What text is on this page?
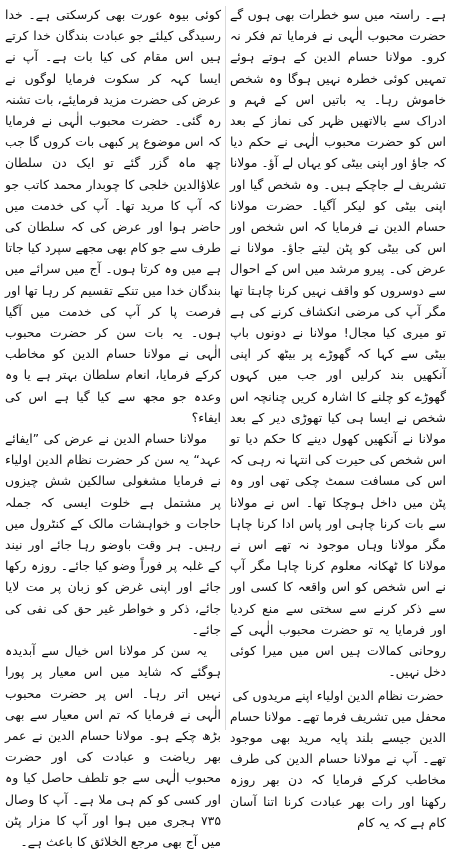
ہے۔ راستہ میں سو خطرات بھی ہوں گے حضرت محبوب الٰہی نے فرمایا تم فکر نہ کرو۔ مولانا حسام الدین کے ہوتے ہوئے تمہیں کوئی خطرہ نہیں ہوگا وہ شخص خاموش رہا۔ یہ باتیں اس کے فہم و ادراک سے بالاتھیں ظہر کی نماز کے بعد اس کو حضرت محبوب الٰہی نے حکم دیا کہ جاؤ اور اپنی بیٹی کو یہاں لے آؤ۔ مولانا تشریف لے جاچکے ہیں۔ وہ شخص گیا اور اپنی بیٹی کو لیکر آگیا۔ حضرت مولانا حسام الدین نے فرمایا کہ اس شخص اور اس کی بیٹی کو پٹن لیتے جاؤ۔ مولانا نے عرض کی۔ پیرو مرشد میں اس کے احوال سے دوسروں کو واقف نہیں کرنا چاہتا تھا مگر آپ کی مرضی انکشاف کرنے کی ہے تو میری کیا مجال! مولانا نے دونوں باپ بیٹی سے کہا کہ گھوڑے پر بیٹھ کر اپنی آنکھیں بند کرلیں اور جب میں کہوں گھوڑے کو چلنے کا اشارہ کریں چنانچہ اس شخص نے ایسا ہی کیا تھوڑی دیر کے بعد مولانا نے آنکھیں کھول دینے کا حکم دیا تو اس شخص کی حیرت کی انتہا نہ رہی کہ اس کی مسافت سمٹ چکی تھی اور وہ پٹن میں داخل ہوچکا تھا۔ اس نے مولانا سے بات کرنا چاہی اور پاس ادا کرنا چاہا مگر مولانا وہاں موجود نہ تھے اس نے مولانا کا ٹھکانہ معلوم کرنا چاہا مگر آپ نے اس شخص کو اس واقعہ کا کسی اور سے ذکر کرنے سے سختی سے منع کردیا اور فرمایا یہ تو حضرت محبوب الٰہی کے روحانی کمالات ہیں اس میں میرا کوئی دخل نہیں۔

حضرت نظام الدین اولیاء اپنے مریدوں کی

محفل میں تشریف فرما تھے۔ مولانا حسام الدین جیسے بلند پایہ مرید بھی موجود تھے۔ آپ نے مولانا حسام الدین کی طرف مخاطب کرکے فرمایا کہ دن بھر روزہ رکھنا اور رات بھر عبادت کرنا اتنا آسان کام ہے کہ یہ کام

کوئی بیوہ عورت بھی کرسکتی ہے۔ خدا رسیدگی کیلئے جو عبادت بندگان خدا کرتے ہیں اس مقام کی کیا بات ہے۔ آپ نے ایسا کہہ کر سکوت فرمایا لوگوں نے عرض کی حضرت مزید فرمایئے، بات تشنہ رہ گئی۔ حضرت محبوب الٰہی نے فرمایا کہ اس موضوع پر کبھی بات کروں گا جب چھ ماہ گزر گئے تو ایک دن سلطان علاؤالدین خلجی کا چوبدار محمد کاتب جو کہ آپ کا مرید تھا۔ آپ کی خدمت میں حاضر ہوا اور عرض کی کہ سلطان کی طرف سے جو کام بھی مجھے سپرد کیا جاتا ہے میں وہ کرتا ہوں۔ آج میں سرائے میں بندگان خدا میں تنکے تقسیم کر رہا تھا اور فرصت پا کر آپ کی خدمت میں آگیا ہوں۔ یہ بات سن کر حضرت محبوب الٰہی نے مولانا حسام الدین کو مخاطب کرکے فرمایا، انعام سلطان بہتر ہے یا وہ وعدہ جو مجھ سے کیا گیا ہے اس کی ایفاء؟

مولانا حسام الدین نے عرض کی ”ایفائے عہد“ یہ سن کر حضرت نظام الدین اولیاء نے فرمایا مشغولی سالکین شش چیزوں پر مشتمل ہے خلوت ایسی کہ جملہ حاجات و خواہشات مالک کے کنٹرول میں رہیں۔ ہر وقت باوضو رہا جائے اور نیند کے غلبہ پر فوراً وضو کیا جائے۔ روزہ رکھا جائے اور اپنی غرض کو زبان پر مت لایا جائے، ذکر و خواطر غیر حق کی نفی کی جائے۔

یہ سن کر مولانا اس خیال سے آبدیدہ ہوگئے کہ شاید میں اس معیار پر پورا نہیں اتر رہا۔ اس پر حضرت محبوب الٰہی نے فرمایا کہ تم اس معیار سے بھی بڑھ چکے ہو۔ مولانا حسام الدین نے عمر بھر ریاضت و عبادت کی اور حضرت محبوب الٰہی سے جو تلطف حاصل کیا وہ اور کسی کو کم ہی ملا ہے۔ آپ کا وصال ۷۳۵ ہجری میں ہوا اور آپ کا مزار پٹن میں آج بھی مرجع الخلائق کا باعث ہے۔
